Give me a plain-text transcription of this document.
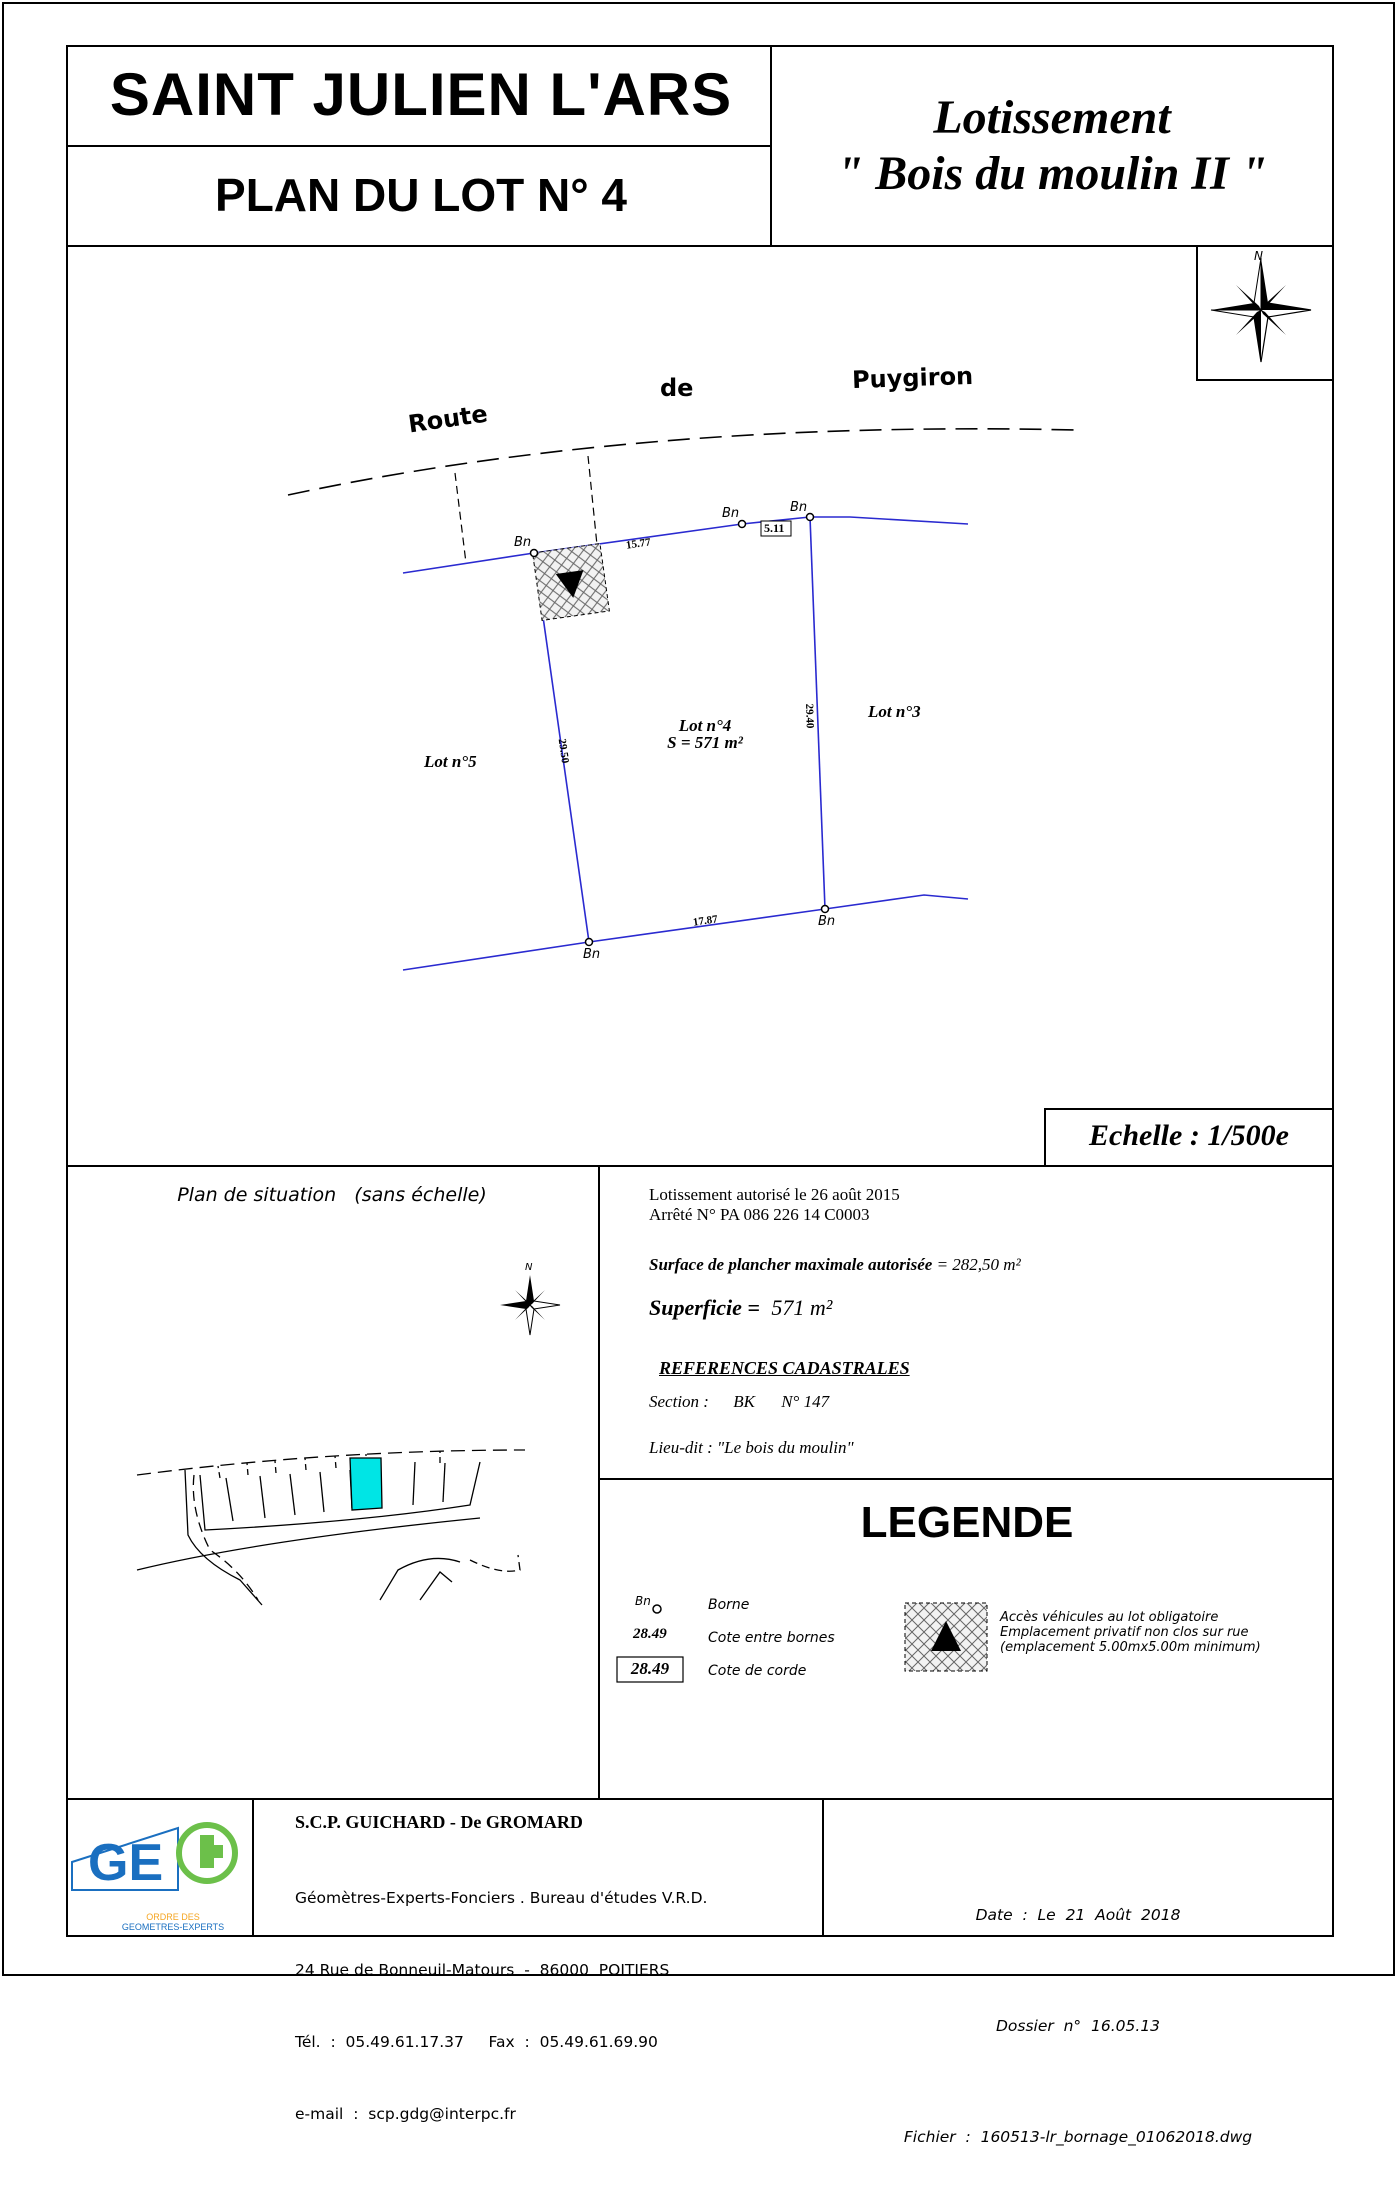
SAINT JULIEN L'ARS
PLAN DU LOT N° 4
Lotissement
" Bois du moulin II "
GE
Route
de	Puygiron
N
Bn
Bn	Bn
Bn
Bn
15.77
5.11
29.50
29.40
17.87
Lot n°4
S = 571 m²
Lot n°3
Lot n°5
Echelle : 1/500e
Plan de situation   (sans échelle)
N
Lotissement autorisé le 26 août 2015
Arrêté N° PA 086 226 14 C0003
Surface de plancher maximale autorisée = 282,50 m²
Superficie = 571 m²
REFERENCES CADASTRALES
Section : BK N° 147
Lieu-dit : "Le bois du moulin"
LEGENDE
Bn	Borne
28.49	Cote entre bornes
28.49	Cote de corde
Accès véhicules au lot obligatoire
Emplacement privatif non clos sur rue
(emplacement 5.00mx5.00m minimum)
ORDRE DES
GEOMETRES-EXPERTS
S.C.P. GUICHARD - De GROMARD

Géomètres-Experts-Fonciers . Bureau d'études V.R.D.

24 Rue de Bonneuil-Matours  -  86000  POITIERS

Tél.  :  05.49.61.17.37     Fax  :  05.49.61.69.90

e-mail  :  scp.gdg@interpc.fr

Date  :  Le  21  Août  2018

Dossier  n°  16.05.13

Fichier  :  160513-lr_bornage_01062018.dwg
